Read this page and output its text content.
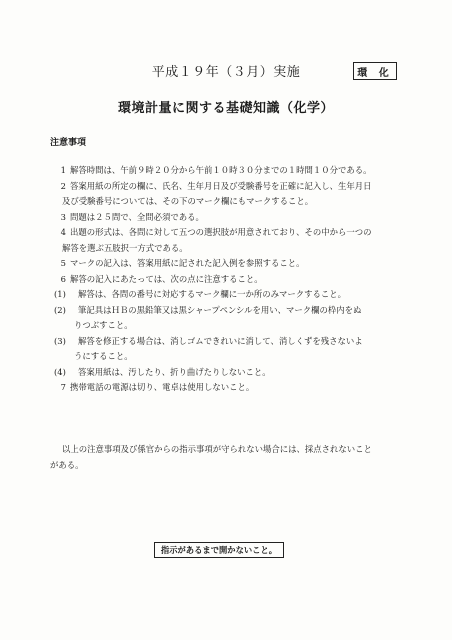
平成１９年（３月）実施	環 化
環境計量に関する基礎知識（化学）
注意事項
1 解答時間は、午前９時２０分から午前１０時３０分までの１時間１０分である。
2 答案用紙の所定の欄に、氏名、生年月日及び受験番号を正確に記入し、生年月日
及び受験番号については、その下のマーク欄にもマークすること。
3 問題は２５問で、全問必須である。
4 出題の形式は、各問に対して五つの選択肢が用意されており、その中から一つの
解答を選ぶ五肢択一方式である。
5 マークの記入は、答案用紙に記された記入例を参照すること。
6 解答の記入にあたっては、次の点に注意すること。
(1)	解答は、各問の番号に対応するマーク欄に一か所のみマークすること。
(2)	筆記具はＨＢの黒鉛筆又は黒シャープペンシルを用い、マーク欄の枠内をぬ
りつぶすこと。
(3)	解答を修正する場合は、消しゴムできれいに消して、消しくずを残さないよ
うにすること。
(4)	答案用紙は、汚したり、折り曲げたりしないこと。
7 携帯電話の電源は切り、電卓は使用しないこと。
以上の注意事項及び係官からの指示事項が守られない場合には、採点されないこと
がある。
指示があるまで開かないこと。
